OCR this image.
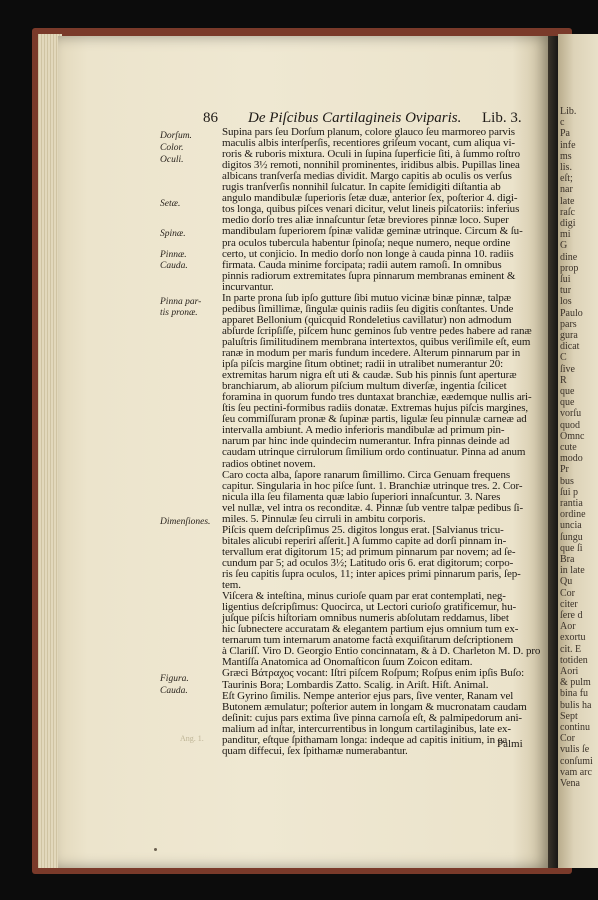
Lib.
c
Pa
infe
ms
lis.
eſt;
nar
late
raſc
digi
mi
G
dine
prop
ſui
tur
los
Paulo
pars
gura
dicat
C
ſive
R
que
que
vorſu
quod
Omnc
cute
modo
Pr
bus
ſui p
rantia
ordine
uncia
ſungu
que ſi
Bra
in late
Qu
Cor
citer
ſere d
Aor
exortu
cit. E
totiden
Aori
& pulm
bina fu
bulis ha
Sept
continu
Cor
vulis ſe
conſumi
vam arc
Vena
86 De Piſcibus Cartilagineis Oviparis. Lib. 3.
Dorſum.
Color.
Oculi.
Setæ.
Spinæ.
Pinnæ.
Cauda.
Pinna par-
tis pronæ.
Dimenſiones.
Figura.
Cauda.
Supina pars ſeu Dorſum planum, colore glauco ſeu marmoreo parvis
maculis albis interſperſis, recentiores griſeum vocant, cum aliqua vi-
roris & ruboris mixtura. Oculi in ſupina ſuperficie ſiti, à ſummo roſtro
digitos 3½ remoti, nonnihil prominentes, iridibus albis. Pupillas linea
albicans tranſverſa medias dividit. Margo capitis ab oculis os verſus
rugis tranſverſis nonnihil ſulcatur. In capite ſemidigiti diſtantia ab
angulo mandibulæ ſuperioris ſetæ duæ, anterior ſex, poſterior 4. digi-
tos longa, quibus piſces venari dicitur, velut lineis piſcatoriis: inferius
medio dorſo tres aliæ innaſcuntur ſetæ breviores pinnæ loco. Super
mandibulam ſuperiorem ſpinæ validæ geminæ utrinque. Circum & ſu-
pra oculos tubercula habentur ſpinoſa; neque numero, neque ordine
certo, ut conjicio. In medio dorſo non longe à cauda pinna 10. radiis
firmata. Cauda minime forcipata; radii autem ramoſi. In omnibus
pinnis radiorum extremitates ſupra pinnarum membranas eminent &
incurvantur.
In parte prona ſub ipſo gutture ſibi mutuo vicinæ binæ pinnæ, talpæ
pedibus ſimillimæ, ſingulæ quinis radiis ſeu digitis conſtantes. Unde
apparet Bellonium (quicquid Rondeletius cavillatur) non admodum
abſurde ſcripſiſſe, piſcem hunc geminos ſub ventre pedes habere ad ranæ
paluſtris ſimilitudinem membrana intertextos, quibus veriſimile eſt, eum
ranæ in modum per maris fundum incedere. Alterum pinnarum par in
ipſa piſcis margine ſitum obtinet; radii in utralibet numerantur 20:
extremitas harum nigra eſt uti & caudæ. Sub his pinnis ſunt aperturæ
branchiarum, ab aliorum piſcium multum diverſæ, ingentia ſcilicet
foramina in quorum fundo tres duntaxat branchiæ, eædemque nullis ari-
ſtis ſeu pectini-formibus radiis donatæ. Extremas hujus piſcis margines,
ſeu commiſſuram pronæ & ſupinæ partis, ligulæ ſeu pinnulæ carneæ ad
intervalla ambiunt. A medio inferioris mandibulæ ad primum pin-
narum par hinc inde quindecim numerantur. Infra pinnas deinde ad
caudam utrinque cirrulorum ſimilium ordo continuatur. Pinna ad anum
radios obtinet novem.
Caro cocta alba, ſapore ranarum ſimillimo. Circa Genuam frequens
capitur. Singularia in hoc piſce ſunt. 1. Branchiæ utrinque tres. 2. Cor-
nicula illa ſeu filamenta quæ labio ſuperiori innaſcuntur. 3. Nares
vel nullæ, vel intra os reconditæ. 4. Pinnæ ſub ventre talpæ pedibus ſi-
miles. 5. Pinnulæ ſeu cirruli in ambitu corporis.
Piſcis quem deſcripſimus 25. digitos longus erat. [Salvianus tricu-
bitales alicubi reperiri aſſerit.] A ſummo capite ad dorſi pinnam in-
tervallum erat digitorum 15; ad primum pinnarum par novem; ad ſe-
cundum par 5; ad oculos 3½; Latitudo oris 6. erat digitorum; corpo-
ris ſeu capitis ſupra oculos, 11; inter apices primi pinnarum paris, ſep-
tem.
Viſcera & inteſtina, minus curioſe quam par erat contemplati, neg-
ligentius deſcripſimus: Quocirca, ut Lectori curioſo gratificemur, hu-
juſque piſcis hiſtoriam omnibus numeris abſolutam reddamus, libet
hic ſubnectere accuratam & elegantem partium ejus omnium tum ex-
ternarum tum internarum anatome factà exquiſitarum deſcriptionem
à Clariſſ. Viro D. Georgio Entio concinnatam, & à D. Charleton M. D. pro
Mantiſſa Anatomica ad Onomaſticon ſuum Zoicon editam.
Græci Βάτραχος vocant: Iſtri piſcem Roſpum; Roſpus enim ipſis Buſo:
Taurinis Bora; Lombardis Zatto. Scalig. in Ariſt. Hiſt. Animal.
Eſt Gyrino ſimilis. Nempe anterior ejus pars, ſive venter, Ranam vel
Butonem æmulatur; poſterior autem in longam & mucronatam caudam
deſinit: cujus pars extima ſive pinna carnoſa eſt, & palmipedorum ani-
malium ad inſtar, intercurrentibus in longum cartilaginibus, late ex-
panditur, eſtque ſpithamam longa: indeque ad capitis initium, in ea
quam diffecui, ſex ſpithamæ numerabantur.
Ang. 1.	Palmi
